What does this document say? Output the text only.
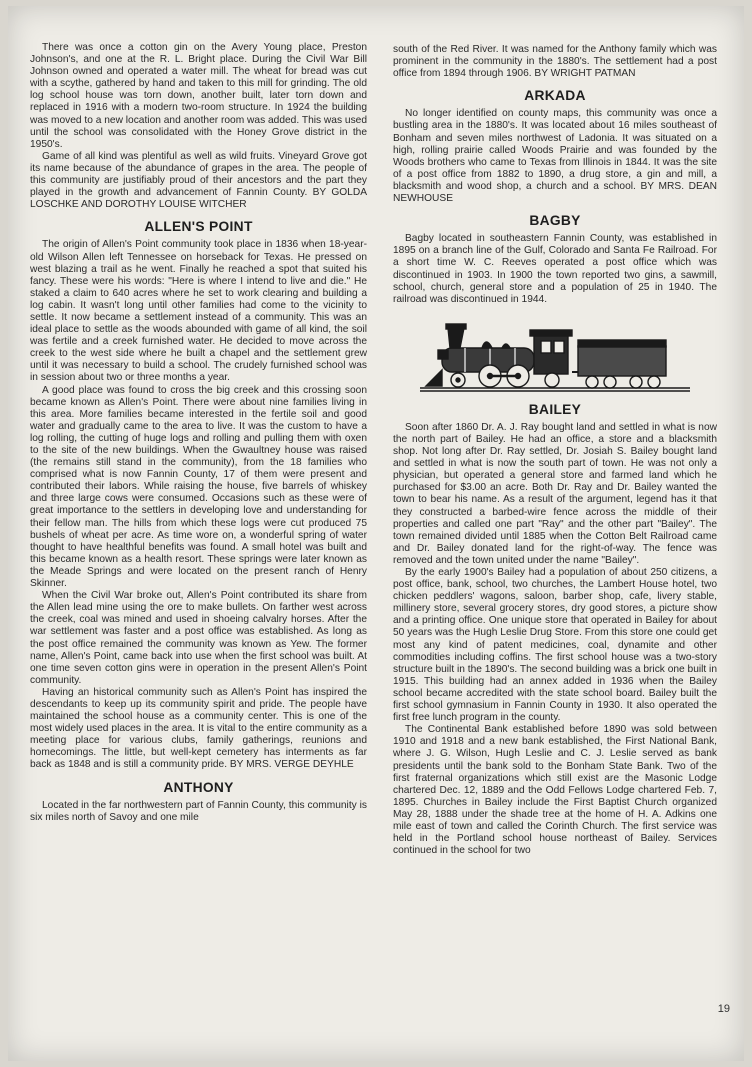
There was once a cotton gin on the Avery Young place, Preston Johnson's, and one at the R. L. Bright place. During the Civil War Bill Johnson owned and operated a water mill. The wheat for bread was cut with a scythe, gathered by hand and taken to this mill for grinding. The old log school house was torn down, another built, later torn down and replaced in 1916 with a modern two-room structure. In 1924 the building was moved to a new location and another room was added. This was used until the school was consolidated with the Honey Grove district in the 1950's.

Game of all kind was plentiful as well as wild fruits. Vineyard Grove got its name because of the abundance of grapes in the area. The people of this community are justifiably proud of their ancestors and the part they played in the growth and advancement of Fannin County. BY GOLDA LOSCHKE AND DOROTHY LOUISE WITCHER

ALLEN'S POINT

The origin of Allen's Point community took place in 1836 when 18-year-old Wilson Allen left Tennessee on horseback for Texas. He pressed on west blazing a trail as he went. Finally he reached a spot that suited his fancy. These were his words: "Here is where I intend to live and die." He staked a claim to 640 acres where he set to work clearing and building a log cabin. It wasn't long until other families had come to the vicinity to settle. It now became a settlement instead of a community. This was an ideal place to settle as the woods abounded with game of all kind, the soil was fertile and a creek furnished water. He decided to move across the creek to the west side where he built a chapel and the settlement grew until it was necessary to build a school. The crudely furnished school was in session about two or three months a year.

A good place was found to cross the big creek and this crossing soon became known as Allen's Point. There were about nine families living in this area. More families became interested in the fertile soil and good water and gradually came to the area to live. It was the custom to have a log rolling, the cutting of huge logs and rolling and pulling them with oxen to the site of the new buildings. When the Gwaultney house was raised (the remains still stand in the community), from the 18 families who comprised what is now Fannin County, 17 of them were present and contributed their labors. While raising the house, five barrels of whiskey and three large cows were consumed. Occasions such as these were of great importance to the settlers in developing love and understanding for their fellow man. The hills from which these logs were cut produced 75 bushels of wheat per acre. As time wore on, a wonderful spring of water thought to have healthful benefits was found. A small hotel was built and this became known as a health resort. These springs were later known as the Meade Springs and were located on the present ranch of Henry Skinner.

When the Civil War broke out, Allen's Point contributed its share from the Allen lead mine using the ore to make bullets. On farther west across the creek, coal was mined and used in shoeing calvalry horses. After the war settlement was faster and a post office was established. As long as the post office remained the community was known as Yew. The former name, Allen's Point, came back into use when the first school was built. At one time seven cotton gins were in operation in the present Allen's Point community.

Having an historical community such as Allen's Point has inspired the descendants to keep up its community spirit and pride. The people have maintained the school house as a community center. This is one of the most widely used places in the area. It is vital to the entire community as a meeting place for various clubs, family gatherings, reunions and homecomings. The little, but well-kept cemetery has interments as far back as 1848 and is still a community pride. BY MRS. VERGE DEYHLE

ANTHONY

Located in the far northwestern part of Fannin County, this community is six miles north of Savoy and one mile

south of the Red River. It was named for the Anthony family which was prominent in the community in the 1880's. The settlement had a post office from 1894 through 1906. BY WRIGHT PATMAN

ARKADA

No longer identified on county maps, this community was once a bustling area in the 1880's. It was located about 16 miles southeast of Bonham and seven miles northwest of Ladonia. It was situated on a high, rolling prairie called Woods Prairie and was founded by the Woods brothers who came to Texas from Illinois in 1844. It was the site of a post office from 1882 to 1890, a drug store, a gin and mill, a blacksmith and wood shop, a church and a school. BY MRS. DEAN NEWHOUSE

BAGBY

Bagby located in southeastern Fannin County, was established in 1895 on a branch line of the Gulf, Colorado and Santa Fe Railroad. For a short time W. C. Reeves operated a post office which was discontinued in 1903. In 1900 the town reported two gins, a sawmill, school, church, general store and a population of 25 in 1940. The railroad was discontinued in 1944.

BAILEY

Soon after 1860 Dr. A. J. Ray bought land and settled in what is now the north part of Bailey. He had an office, a store and a blacksmith shop. Not long after Dr. Ray settled, Dr. Josiah S. Bailey bought land and settled in what is now the south part of town. He was not only a physician, but operated a general store and farmed land which he purchased for $3.00 an acre. Both Dr. Ray and Dr. Bailey wanted the town to bear his name. As a result of the argument, legend has it that they constructed a barbed-wire fence across the middle of their properties and called one part "Ray" and the other part "Bailey". The town remained divided until 1885 when the Cotton Belt Railroad came and Dr. Bailey donated land for the right-of-way. The fence was removed and the town united under the name "Bailey".

By the early 1900's Bailey had a population of about 250 citizens, a post office, bank, school, two churches, the Lambert House hotel, two chicken peddlers' wagons, saloon, barber shop, cafe, livery stable, millinery store, several grocery stores, dry good stores, a picture show and a printing office. One unique store that operated in Bailey for about 50 years was the Hugh Leslie Drug Store. From this store one could get most any kind of patent medicines, coal, dynamite and other commodities including coffins. The first school house was a two-story structure built in the 1890's. The second building was a brick one built in 1915. This building had an annex added in 1936 when the Bailey school became accredited with the state school board. Bailey built the first school gymnasium in Fannin County in 1930. It also operated the first free lunch program in the county.

The Continental Bank established before 1890 was sold between 1910 and 1918 and a new bank established, the First National Bank, where J. G. Wilson, Hugh Leslie and C. J. Leslie served as bank presidents until the bank sold to the Bonham State Bank. Two of the first fraternal organizations which still exist are the Masonic Lodge chartered Dec. 12, 1889 and the Odd Fellows Lodge chartered Feb. 7, 1895. Churches in Bailey include the First Baptist Church organized May 28, 1888 under the shade tree at the home of H. A. Adkins one mile east of town and called the Corinth Church. The first service was held in the Portland school house northeast of Bailey. Services continued in the school for two

19
